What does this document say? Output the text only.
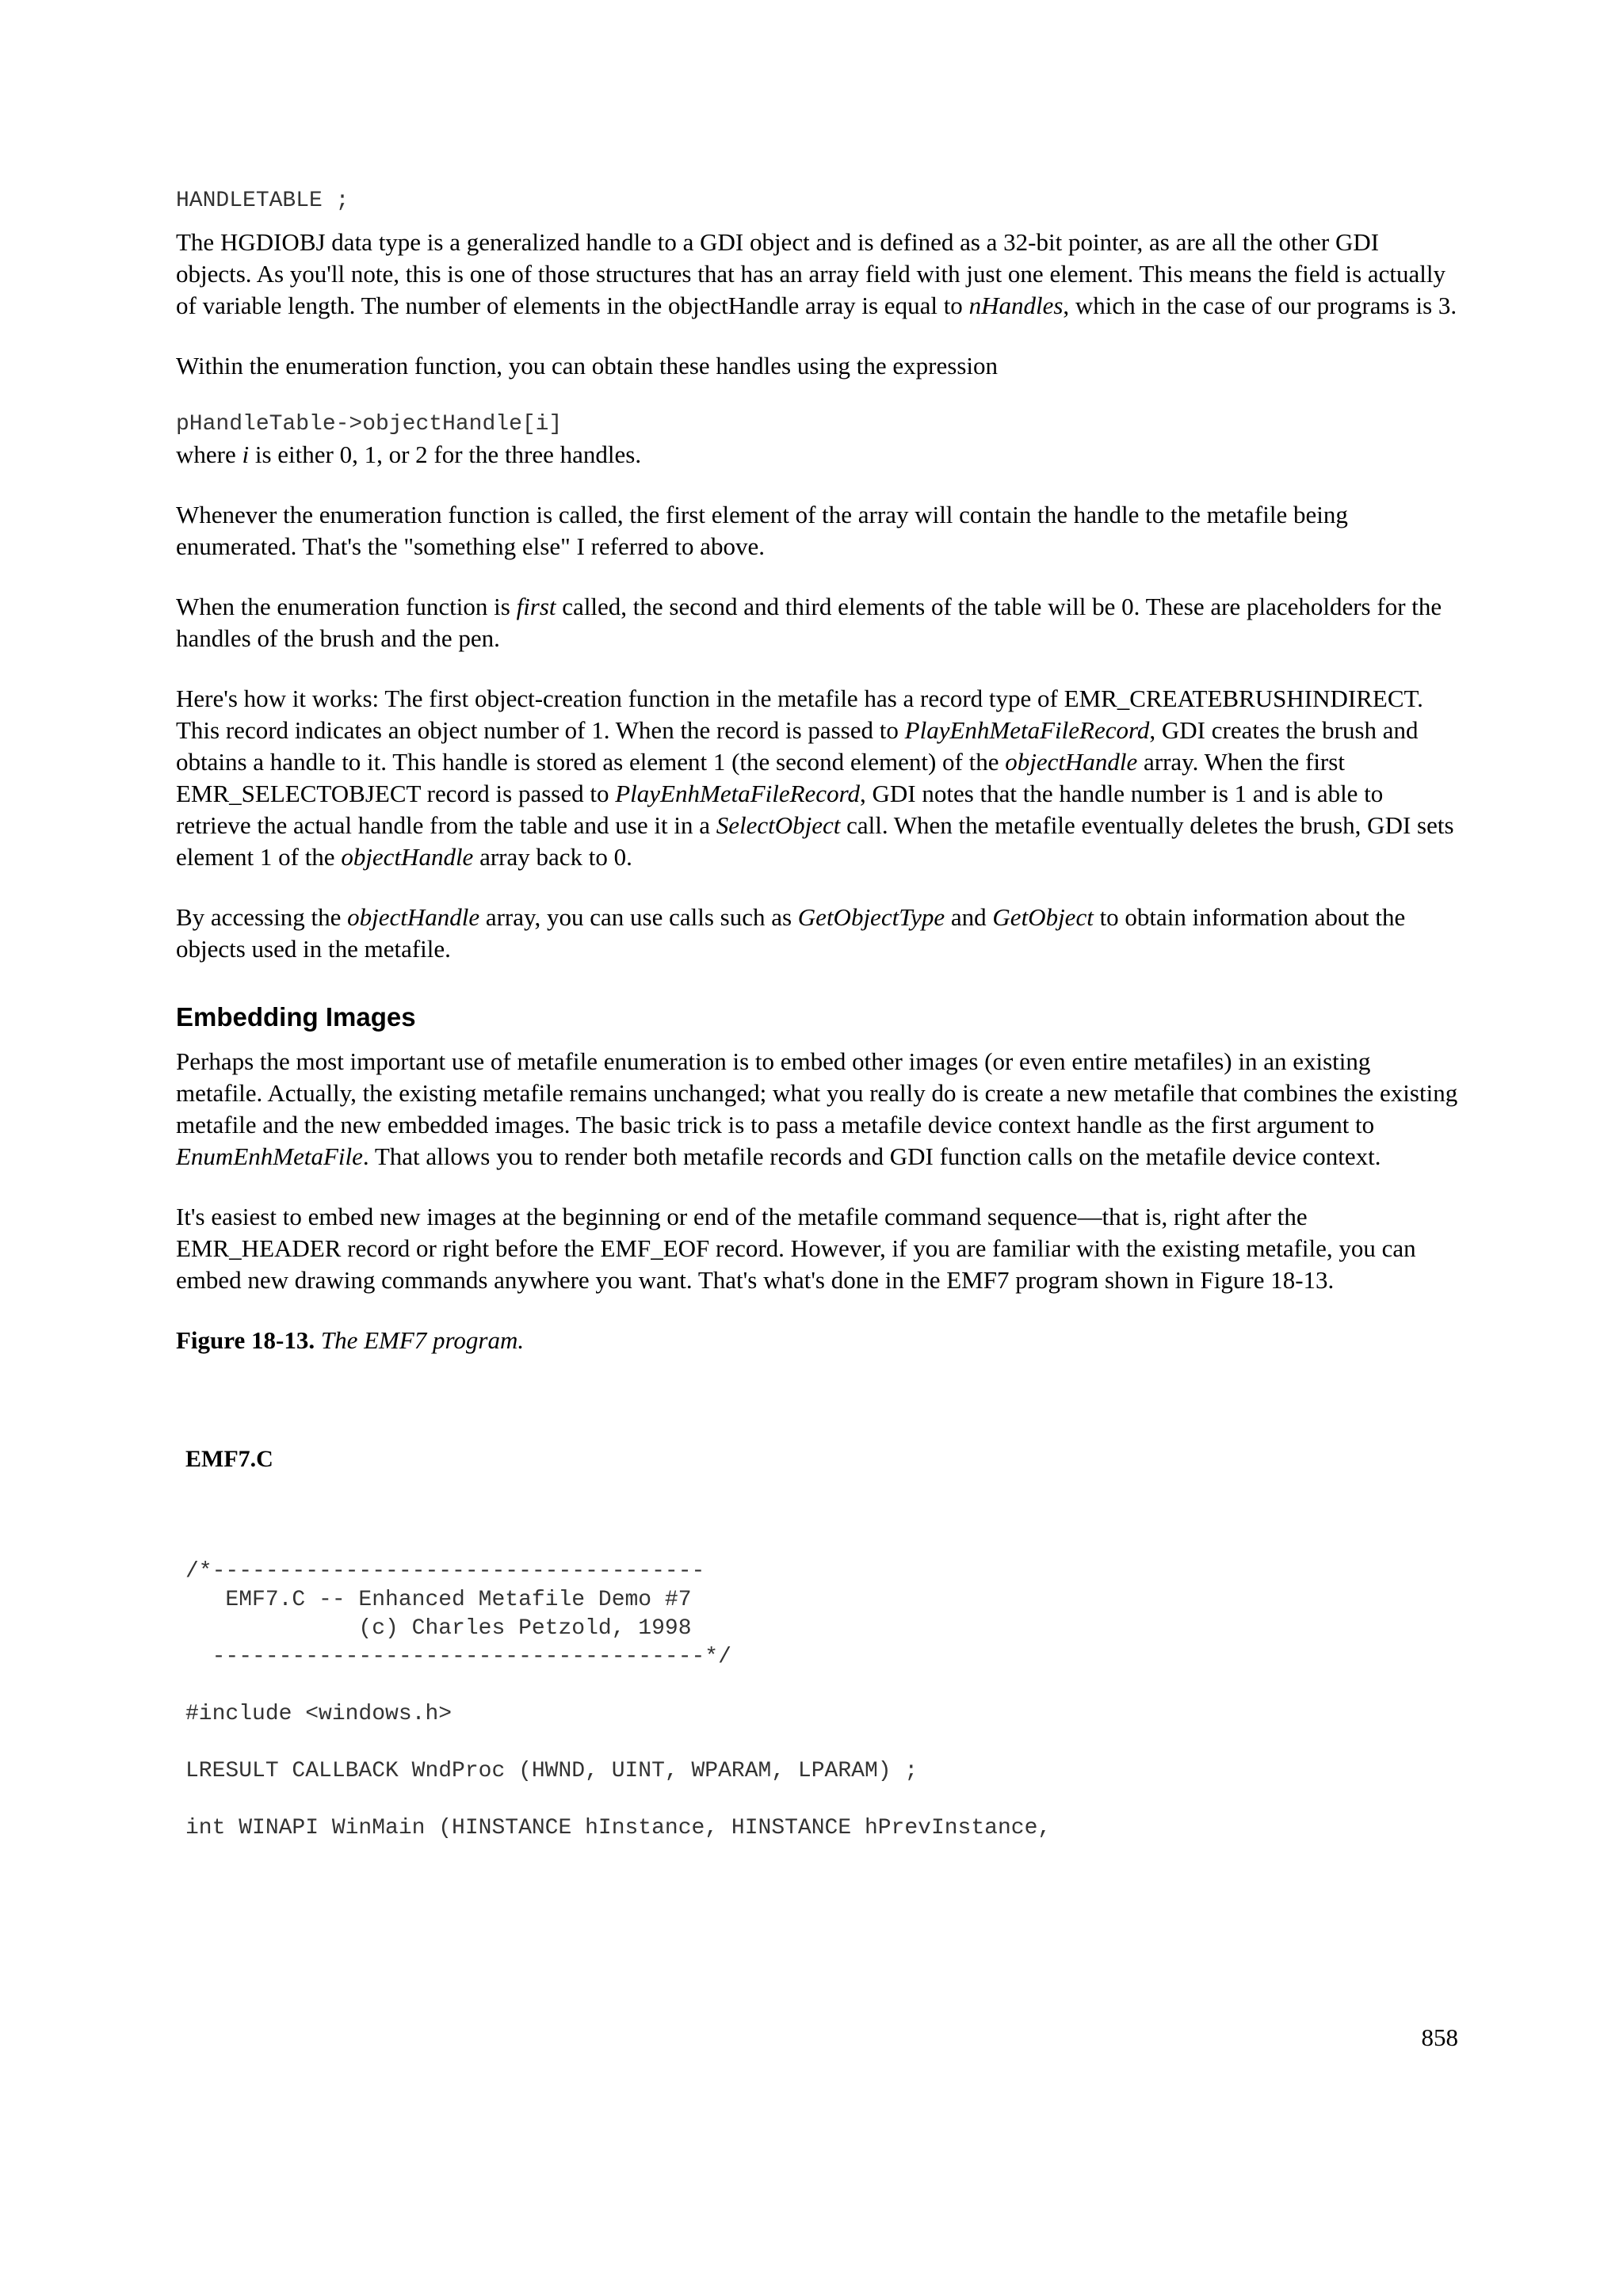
HANDLETABLE ;

The HGDIOBJ data type is a generalized handle to a GDI object and is defined as a 32-bit pointer, as are all the other GDI objects. As you'll note, this is one of those structures that has an array field with just one element. This means the field is actually of variable length. The number of elements in the objectHandle array is equal to nHandles, which in the case of our programs is 3.

Within the enumeration function, you can obtain these handles using the expression

pHandleTable->objectHandle[i]

where i is either 0, 1, or 2 for the three handles.

Whenever the enumeration function is called, the first element of the array will contain the handle to the metafile being enumerated. That's the "something else" I referred to above.

When the enumeration function is first called, the second and third elements of the table will be 0. These are placeholders for the handles of the brush and the pen.

Here's how it works: The first object-creation function in the metafile has a record type of EMR_CREATEBRUSHINDIRECT. This record indicates an object number of 1. When the record is passed to PlayEnhMetaFileRecord, GDI creates the brush and obtains a handle to it. This handle is stored as element 1 (the second element) of the objectHandle array. When the first EMR_SELECTOBJECT record is passed to PlayEnhMetaFileRecord, GDI notes that the handle number is 1 and is able to retrieve the actual handle from the table and use it in a SelectObject call. When the metafile eventually deletes the brush, GDI sets element 1 of the objectHandle array back to 0.

By accessing the objectHandle array, you can use calls such as GetObjectType and GetObject to obtain information about the objects used in the metafile.

Embedding Images

Perhaps the most important use of metafile enumeration is to embed other images (or even entire metafiles) in an existing metafile. Actually, the existing metafile remains unchanged; what you really do is create a new metafile that combines the existing metafile and the new embedded images. The basic trick is to pass a metafile device context handle as the first argument to EnumEnhMetaFile. That allows you to render both metafile records and GDI function calls on the metafile device context.

It's easiest to embed new images at the beginning or end of the metafile command sequence—that is, right after the EMR_HEADER record or right before the EMF_EOF record. However, if you are familiar with the existing metafile, you can embed new drawing commands anywhere you want. That's what's done in the EMF7 program shown in Figure 18-13.

Figure 18-13. The EMF7 program.

EMF7.C
/*-------------------------------------
EMF7.C -- Enhanced Metafile Demo #7
(c) Charles Petzold, 1998
-------------------------------------*/
#include <windows.h>
LRESULT CALLBACK WndProc (HWND, UINT, WPARAM, LPARAM) ;
int WINAPI WinMain (HINSTANCE hInstance, HINSTANCE hPrevInstance,
858
